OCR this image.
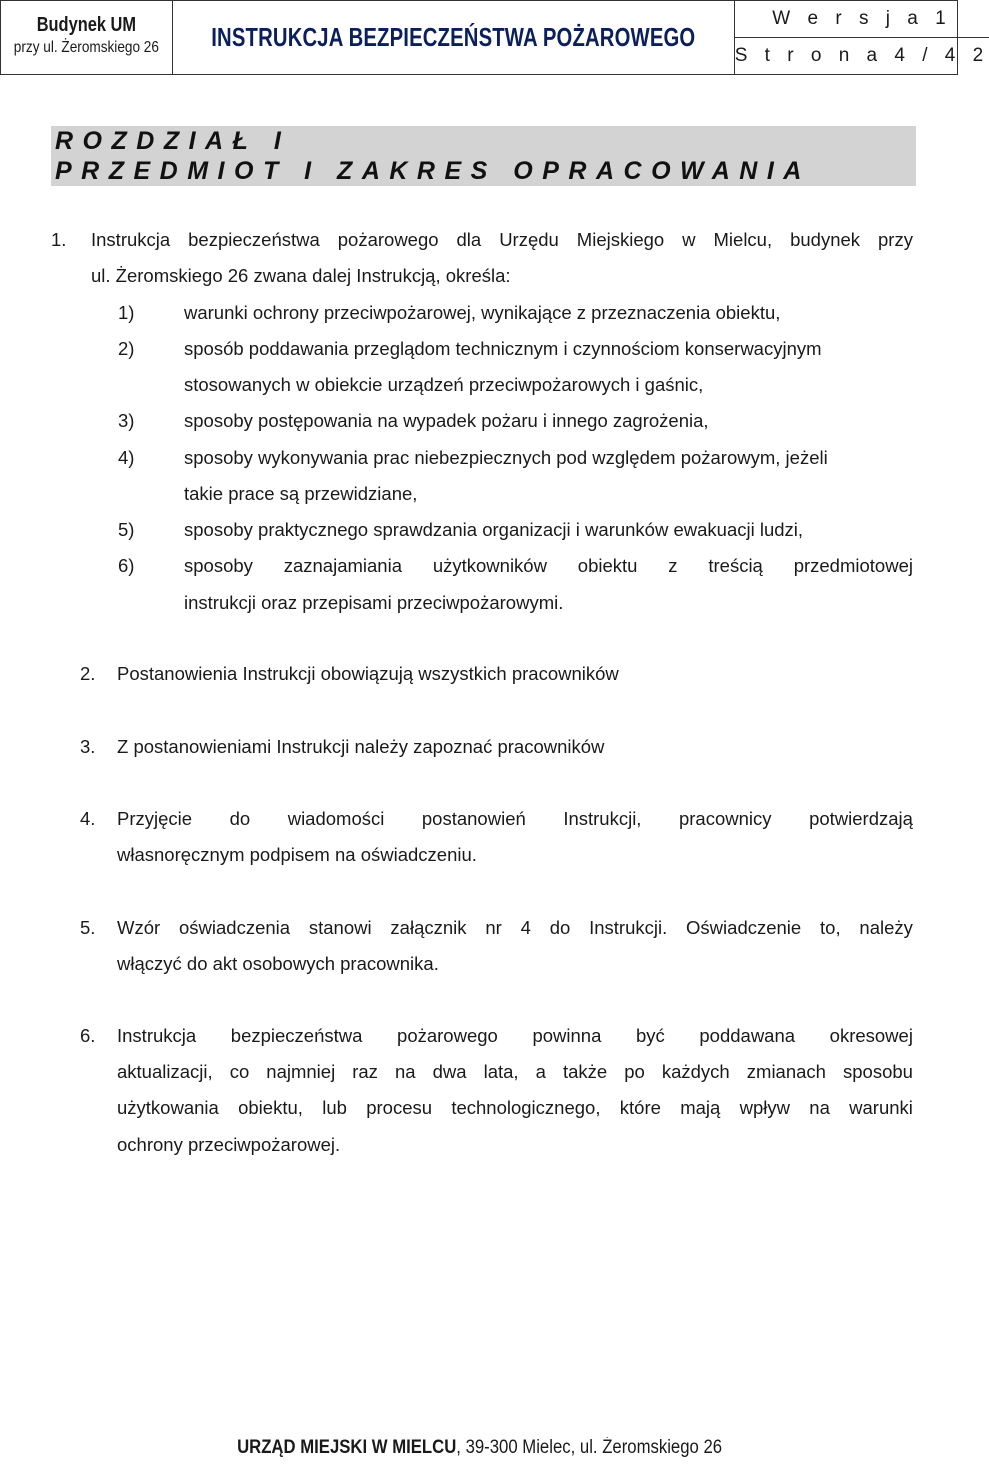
Budynek UM
przy ul. Żeromskiego 26 INSTRUKCJA BEZPIECZEŃSTWA POŻAROWEGO
W e r s j a 1
S t r o n a 4 / 4 2
ROZDZIAŁ I
PRZEDMIOT I ZAKRES OPRACOWANIA
1.	Instrukcja bezpieczeństwa pożarowego dla Urzędu Miejskiego w Mielcu, budynek przy
ul. Żeromskiego 26 zwana dalej Instrukcją, określa:
1)	warunki ochrony przeciwpożarowej, wynikające z przeznaczenia obiektu,
2)	sposób poddawania przeglądom technicznym i czynnościom konserwacyjnym
stosowanych w obiekcie urządzeń przeciwpożarowych i gaśnic,
3)	sposoby postępowania na wypadek pożaru i innego zagrożenia,
4)	sposoby wykonywania prac niebezpiecznych pod względem pożarowym, jeżeli
takie prace są przewidziane,
5)	sposoby praktycznego sprawdzania organizacji i warunków ewakuacji ludzi,
6)	sposoby zaznajamiania użytkowników obiektu z treścią przedmiotowej
instrukcji oraz przepisami przeciwpożarowymi.
2. Postanowienia Instrukcji obowiązują wszystkich pracowników
3. Z postanowieniami Instrukcji należy zapoznać pracowników
4. Przyjęcie do wiadomości postanowień Instrukcji, pracownicy potwierdzają
własnoręcznym podpisem na oświadczeniu.
5. Wzór oświadczenia stanowi załącznik nr 4 do Instrukcji. Oświadczenie to, należy
włączyć do akt osobowych pracownika.
6. Instrukcja bezpieczeństwa pożarowego powinna być poddawana okresowej
aktualizacji, co najmniej raz na dwa lata, a także po każdych zmianach sposobu
użytkowania obiektu, lub procesu technologicznego, które mają wpływ na warunki
ochrony przeciwpożarowej.
URZĄD MIEJSKI W MIELCU, 39-300 Mielec, ul. Żeromskiego 26
